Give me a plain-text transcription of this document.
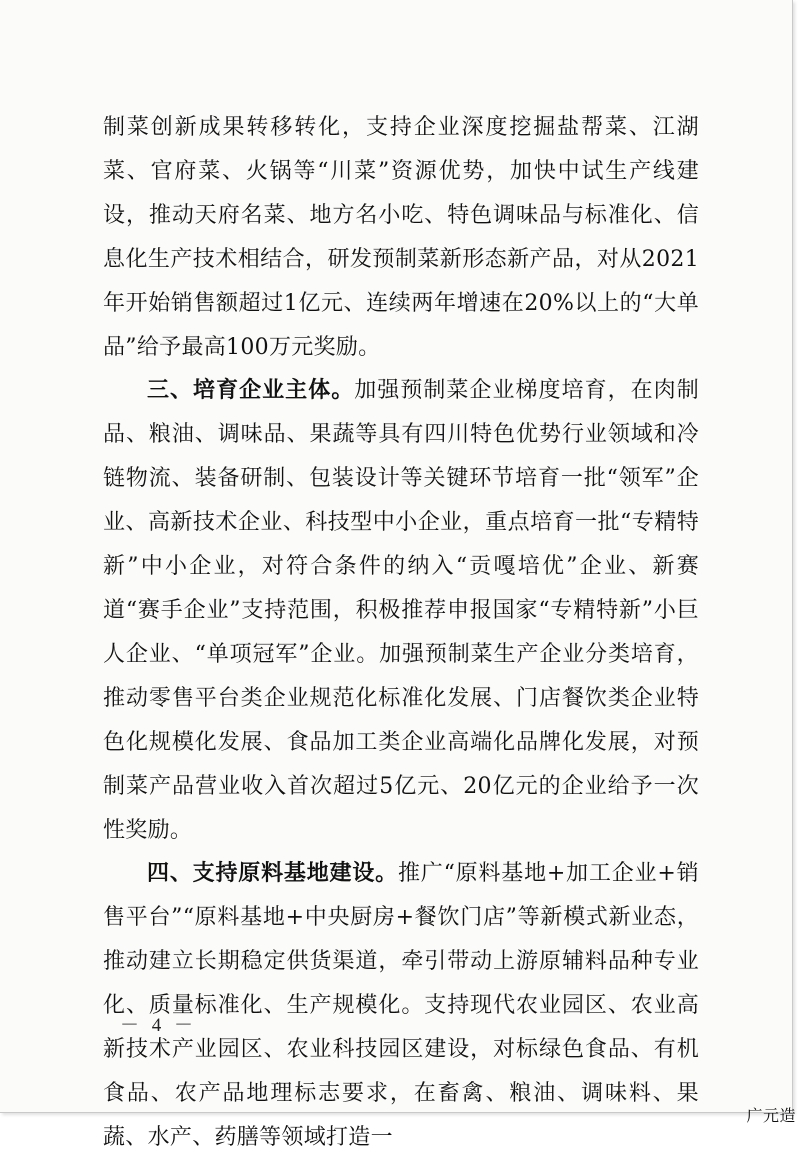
制菜创新成果转移转化，支持企业深度挖掘盐帮菜、江湖菜、官府菜、火锅等“川菜”资源优势，加快中试生产线建设，推动天府名菜、地方名小吃、特色调味品与标准化、信息化生产技术相结合，研发预制菜新形态新产品，对从2021年开始销售额超过1亿元、连续两年增速在20%以上的“大单品”给予最高100万元奖励。

三、培育企业主体。加强预制菜企业梯度培育，在肉制品、粮油、调味品、果蔬等具有四川特色优势行业领域和冷链物流、装备研制、包装设计等关键环节培育一批“领军”企业、高新技术企业、科技型中小企业，重点培育一批“专精特新”中小企业，对符合条件的纳入“贡嘎培优”企业、新赛道“赛手企业”支持范围，积极推荐申报国家“专精特新”小巨人企业、“单项冠军”企业。加强预制菜生产企业分类培育，推动零售平台类企业规范化标准化发展、门店餐饮类企业特色化规模化发展、食品加工类企业高端化品牌化发展，对预制菜产品营业收入首次超过5亿元、20亿元的企业给予一次性奖励。

四、支持原料基地建设。推广“原料基地+加工企业+销售平台”“原料基地+中央厨房+餐饮门店”等新模式新业态，推动建立长期稳定供货渠道，牵引带动上游原辅料品种专业化、质量标准化、生产规模化。支持现代农业园区、农业高新技术产业园区、农业科技园区建设，对标绿色食品、有机食品、农产品地理标志要求，在畜禽、粮油、调味料、果蔬、水产、药膳等领域打造一

－ 4 －
广元造
